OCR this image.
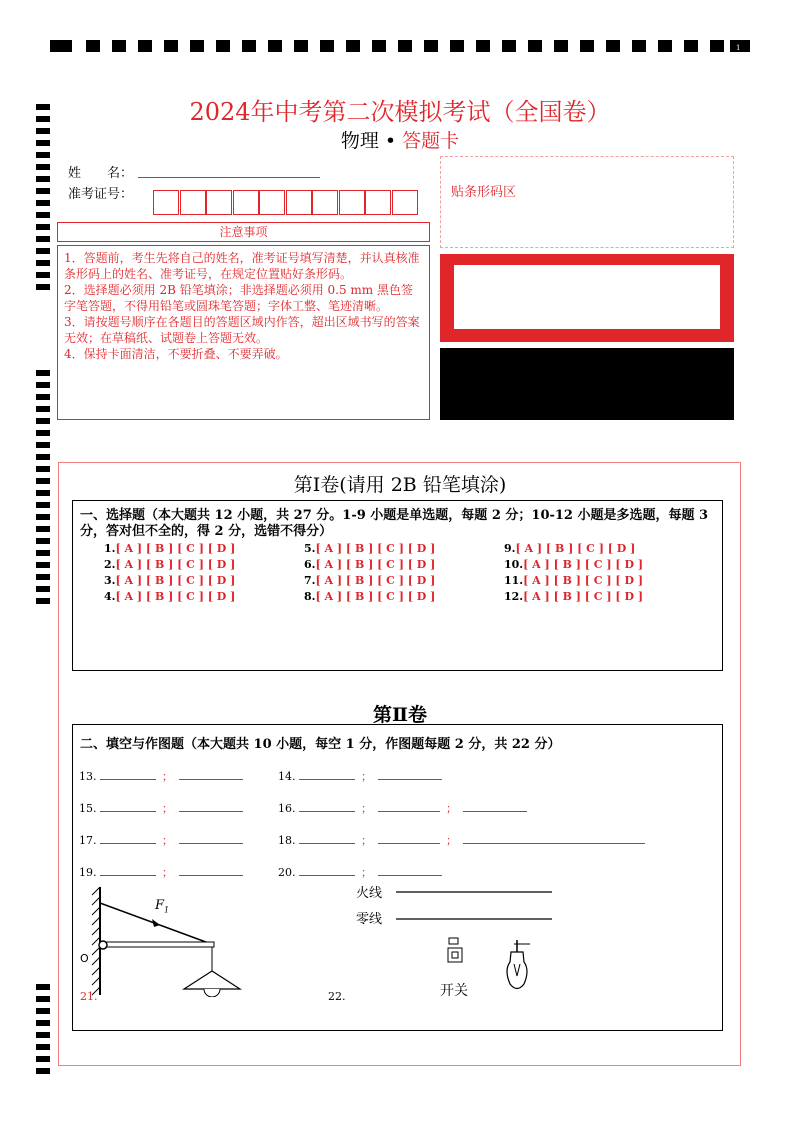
1
2024年中考第二次模拟考试（全国卷）
物理 • 答题卡
姓　　名：
准考证号：
注意事项

1．答题前，考生先将自己的姓名，准考证号填写清楚，并认真核准条形码上的姓名、准考证号，在规定位置贴好条形码。

2．选择题必须用 2B 铅笔填涂；非选择题必须用 0.5 mm 黑色签字笔答题，不得用铅笔或圆珠笔答题；字体工整、笔迹清晰。

3．请按题号顺序在各题目的答题区域内作答，超出区域书写的答案无效；在草稿纸、试题卷上答题无效。

4．保持卡面清洁，不要折叠、不要弄破。

贴条形码区
第Ⅰ卷(请用 2B 铅笔填涂)
一、选择题（本大题共 12 小题，共 27 分。1-9 小题是单选题，每题 2 分；10-12 小题是多选题，每题 3 分，答对但不全的，得 2 分，选错不得分）
1.[ A ] [ B ] [ C ] [ D ]
2.[ A ] [ B ] [ C ] [ D ]
3.[ A ] [ B ] [ C ] [ D ]
4.[ A ] [ B ] [ C ] [ D ]
5.[ A ] [ B ] [ C ] [ D ]
6.[ A ] [ B ] [ C ] [ D ]
7.[ A ] [ B ] [ C ] [ D ]
8.[ A ] [ B ] [ C ] [ D ]
9.[ A ] [ B ] [ C ] [ D ]
10.[ A ] [ B ] [ C ] [ D ]
11.[ A ] [ B ] [ C ] [ D ]
12.[ A ] [ B ] [ C ] [ D ]
第Ⅱ卷
二、填空与作图题（本大题共 10 小题，每空 1 分，作图题每题 2 分，共 22 分）
13.	；	14.	；
15.	；	16.	；	；
17.	；	18.	；	；
19.	；	20.	；
$F_1$
O
21.	22.
火线
零线
开关
